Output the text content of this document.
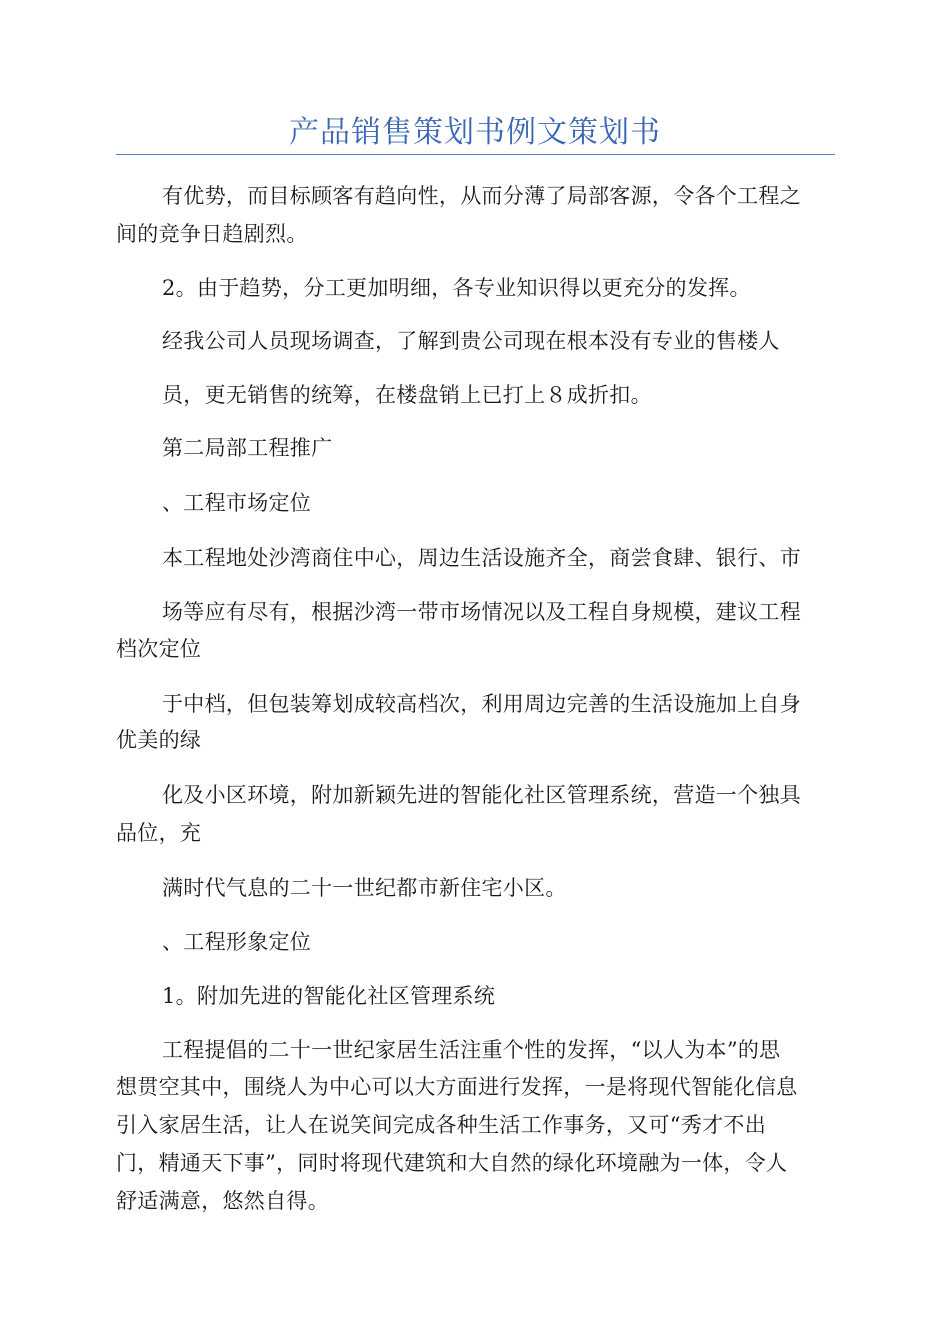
产品销售策划书例文策划书

有优势，而目标顾客有趋向性，从而分薄了局部客源，令各个工程之

间的竞争日趋剧烈。

2。由于趋势，分工更加明细，各专业知识得以更充分的发挥。

经我公司人员现场调查，了解到贵公司现在根本没有专业的售楼人

员，更无销售的统筹，在楼盘销上已打上８成折扣。

第二局部工程推广

、工程市场定位

本工程地处沙湾商住中心，周边生活设施齐全，商尝食肆、银行、市

场等应有尽有，根据沙湾一带市场情况以及工程自身规模，建议工程

档次定位

于中档，但包装筹划成较高档次，利用周边完善的生活设施加上自身

优美的绿

化及小区环境，附加新颖先进的智能化社区管理系统，营造一个独具

品位，充

满时代气息的二十一世纪都市新住宅小区。

、工程形象定位

1。附加先进的智能化社区管理系统

工程提倡的二十一世纪家居生活注重个性的发挥，“以人为本”的思

想贯空其中，围绕人为中心可以大方面进行发挥，一是将现代智能化信息

引入家居生活，让人在说笑间完成各种生活工作事务，又可“秀才不出

门，精通天下事”，同时将现代建筑和大自然的绿化环境融为一体，令人

舒适满意，悠然自得。
